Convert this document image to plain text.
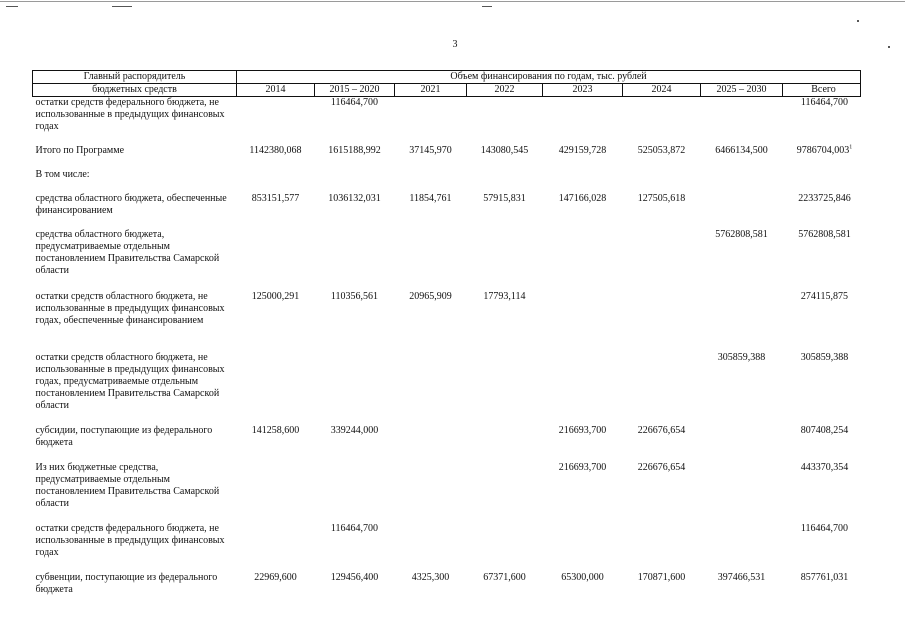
3
Главный распорядитель	Объем финансирования по годам, тыс. рублей							
бюджетных средств	2014	2015 – 2020	2021	2022	2023	2024	2025 – 2030	Всего
остатки средств федерального бюджета, не использованные в предыдущих финансовых годах		116464,700						116464,700
Итого по Программе	1142380,068	1615188,992	37145,970	143080,545	429159,728	525053,872	6466134,500	9786704,003$^1$
В том числе:								
средства областного бюджета, обеспеченные финансированием	853151,577	1036132,031	11854,761	57915,831	147166,028	127505,618		2233725,846
средства областного бюджета, предусматриваемые отдельным постановлением Правительства Самарской области							5762808,581	5762808,581
остатки средств областного бюджета, не использованные в предыдущих финансовых годах, обеспеченные финансированием	125000,291	110356,561	20965,909	17793,114				274115,875
остатки средств областного бюджета, не использованные в предыдущих финансовых годах, предусматриваемые отдельным постановлением Правительства Самарской области							305859,388	305859,388
субсидии, поступающие из федерального бюджета	141258,600	339244,000			216693,700	226676,654		807408,254
Из них бюджетные средства, предусматриваемые отдельным постановлением Правительства Самарской области					216693,700	226676,654		443370,354
остатки средств федерального бюджета, не использованные в предыдущих финансовых годах		116464,700						116464,700
субвенции, поступающие из федерального бюджета	22969,600	129456,400	4325,300	67371,600	65300,000	170871,600	397466,531	857761,031
